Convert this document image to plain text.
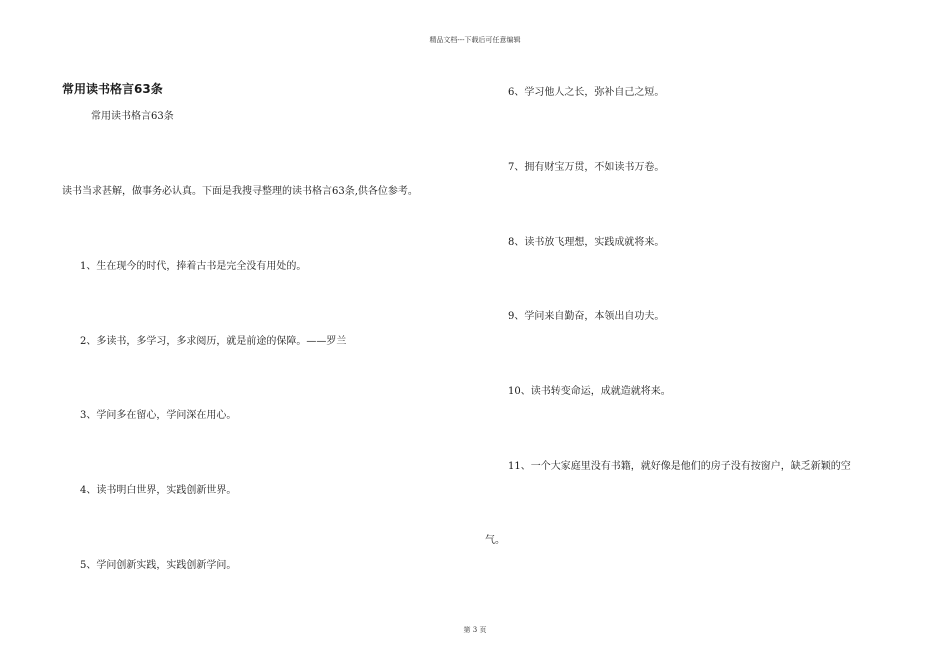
精品文档---下载后可任意编辑
常用读书格言63条
常用读书格言63条
读书当求甚解，做事务必认真。下面是我搜寻整理的读书格言63条,供各位参考。
1、生在现今的时代，捧着古书是完全没有用处的。
2、多读书，多学习，多求阅历，就是前途的保障。——罗兰
3、学问多在留心，学问深在用心。
4、读书明白世界，实践创新世界。
5、学问创新实践，实践创新学问。
6、学习他人之长，弥补自己之短。
7、拥有财宝万贯，不如读书万卷。
8、读书放飞理想，实践成就将来。
9、学问来自勤奋，本领出自功夫。
10、读书转变命运，成就造就将来。
11、一个大家庭里没有书籍，就好像是他们的房子没有按窗户，缺乏新颖的空
气。
第 3 页
